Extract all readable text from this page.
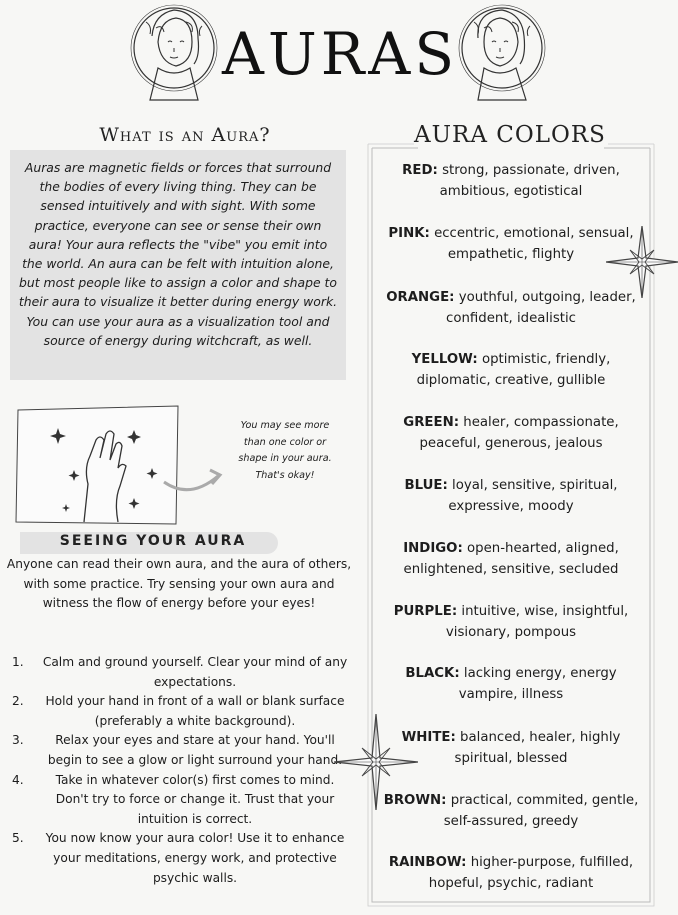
AURAS
What is an Aura?

Auras are magnetic fields or forces that surround the bodies of every living thing. They can be sensed intuitively and with sight. With some practice, everyone can see or sense their own aura! Your aura reflects the "vibe" you emit into the world. An aura can be felt with intuition alone, but most people like to assign a color and shape to their aura to visualize it better during energy work. You can use your aura as a visualization tool and source of energy during witchcraft, as well.

You may see more than one color or shape in your aura. That's okay!

SEEING YOUR AURA

Anyone can read their own aura, and the aura of others, with some practice. Try sensing your own aura and witness the flow of energy before your eyes!

1. Calm and ground yourself. Clear your mind of any expectations.
2. Hold your hand in front of a wall or blank surface (preferably a white background).
3.	Relax your eyes and stare at your hand. You'll begin to see a glow or light surround your hand.
4.	Take in whatever color(s) first comes to mind. Don't try to force or change it. Trust that your intuition is correct.
5. You now know your aura color! Use it to enhance your meditations, energy work, and protective psychic walls.
AURA COLORS

RED: strong, passionate, driven, ambitious, egotistical

PINK: eccentric, emotional, sensual, empathetic, flighty

ORANGE: youthful, outgoing, leader, confident, idealistic

YELLOW: optimistic, friendly, diplomatic, creative, gullible

GREEN: healer, compassionate, peaceful, generous, jealous

BLUE: loyal, sensitive, spiritual, expressive, moody

INDIGO: open-hearted, aligned, enlightened, sensitive, secluded

PURPLE: intuitive, wise, insightful, visionary, pompous

BLACK: lacking energy, energy vampire, illness

WHITE: balanced, healer, highly spiritual, blessed

BROWN: practical, commited, gentle, self-assured, greedy

RAINBOW: higher-purpose, fulfilled, hopeful, psychic, radiant
